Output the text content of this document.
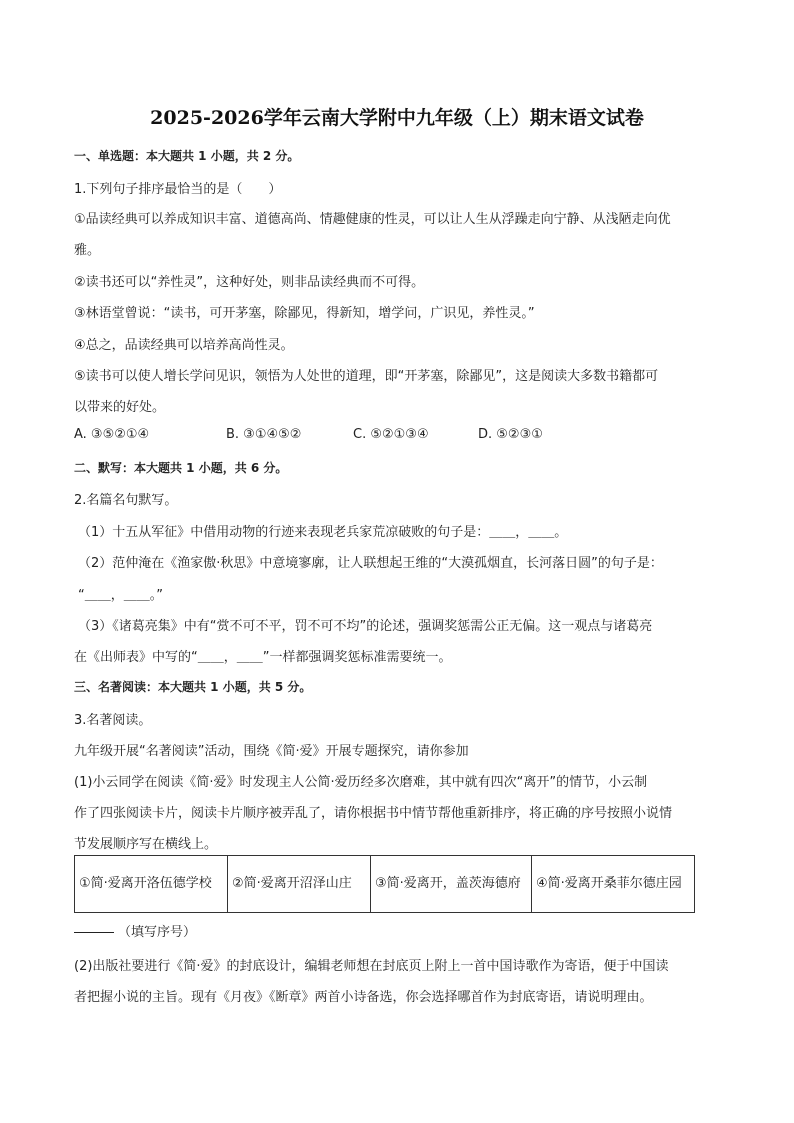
2025-2026学年云南大学附中九年级（上）期末语文试卷
一、单选题：本大题共 1 小题，共 2 分。
1.下列句子排序最恰当的是（　　）
①品读经典可以养成知识丰富、道德高尚、情趣健康的性灵，可以让人生从浮躁走向宁静、从浅陋走向优
雅。
②读书还可以“养性灵”，这种好处，则非品读经典而不可得。
③林语堂曾说：“读书，可开茅塞，除鄙见，得新知，增学问，广识见，养性灵。”
④总之，品读经典可以培养高尚性灵。
⑤读书可以使人增长学问见识，领悟为人处世的道理，即“开茅塞，除鄙见”，这是阅读大多数书籍都可
以带来的好处。
A. ③⑤②①④	B. ③①④⑤②	C. ⑤②①③④	D. ⑤②③①
二、默写：本大题共 1 小题，共 6 分。
2.名篇名句默写。
（1）十五从军征》中借用动物的行迹来表现老兵家荒凉破败的句子是：＿＿，＿＿。
（2）范仲淹在《渔家傲·秋思》中意境寥廓，让人联想起王维的“大漠孤烟直，长河落日圆”的句子是：
“＿＿，＿＿。”
（3）《诸葛亮集》中有“赏不可不平，罚不可不均”的论述，强调奖惩需公正无偏。这一观点与诸葛亮
在《出师表》中写的“＿＿，＿＿”一样都强调奖惩标准需要统一。
三、名著阅读：本大题共 1 小题，共 5 分。
3.名著阅读。
九年级开展“名著阅读”活动，围绕《简·爱》开展专题探究，请你参加
(1)小云同学在阅读《简·爱》时发现主人公简·爱历经多次磨难，其中就有四次“离开”的情节，小云制
作了四张阅读卡片，阅读卡片顺序被弄乱了，请你根据书中情节帮他重新排序，将正确的序号按照小说情
节发展顺序写在横线上。
①简·爱离开洛伍德学校	②简·爱离开沼泽山庄	③简·爱离开，盖茨海德府	④简·爱离开桑菲尔德庄园
（填写序号）
(2)出版社要进行《简·爱》的封底设计，编辑老师想在封底页上附上一首中国诗歌作为寄语，便于中国读
者把握小说的主旨。现有《月夜》《断章》两首小诗备选，你会选择哪首作为封底寄语，请说明理由。
